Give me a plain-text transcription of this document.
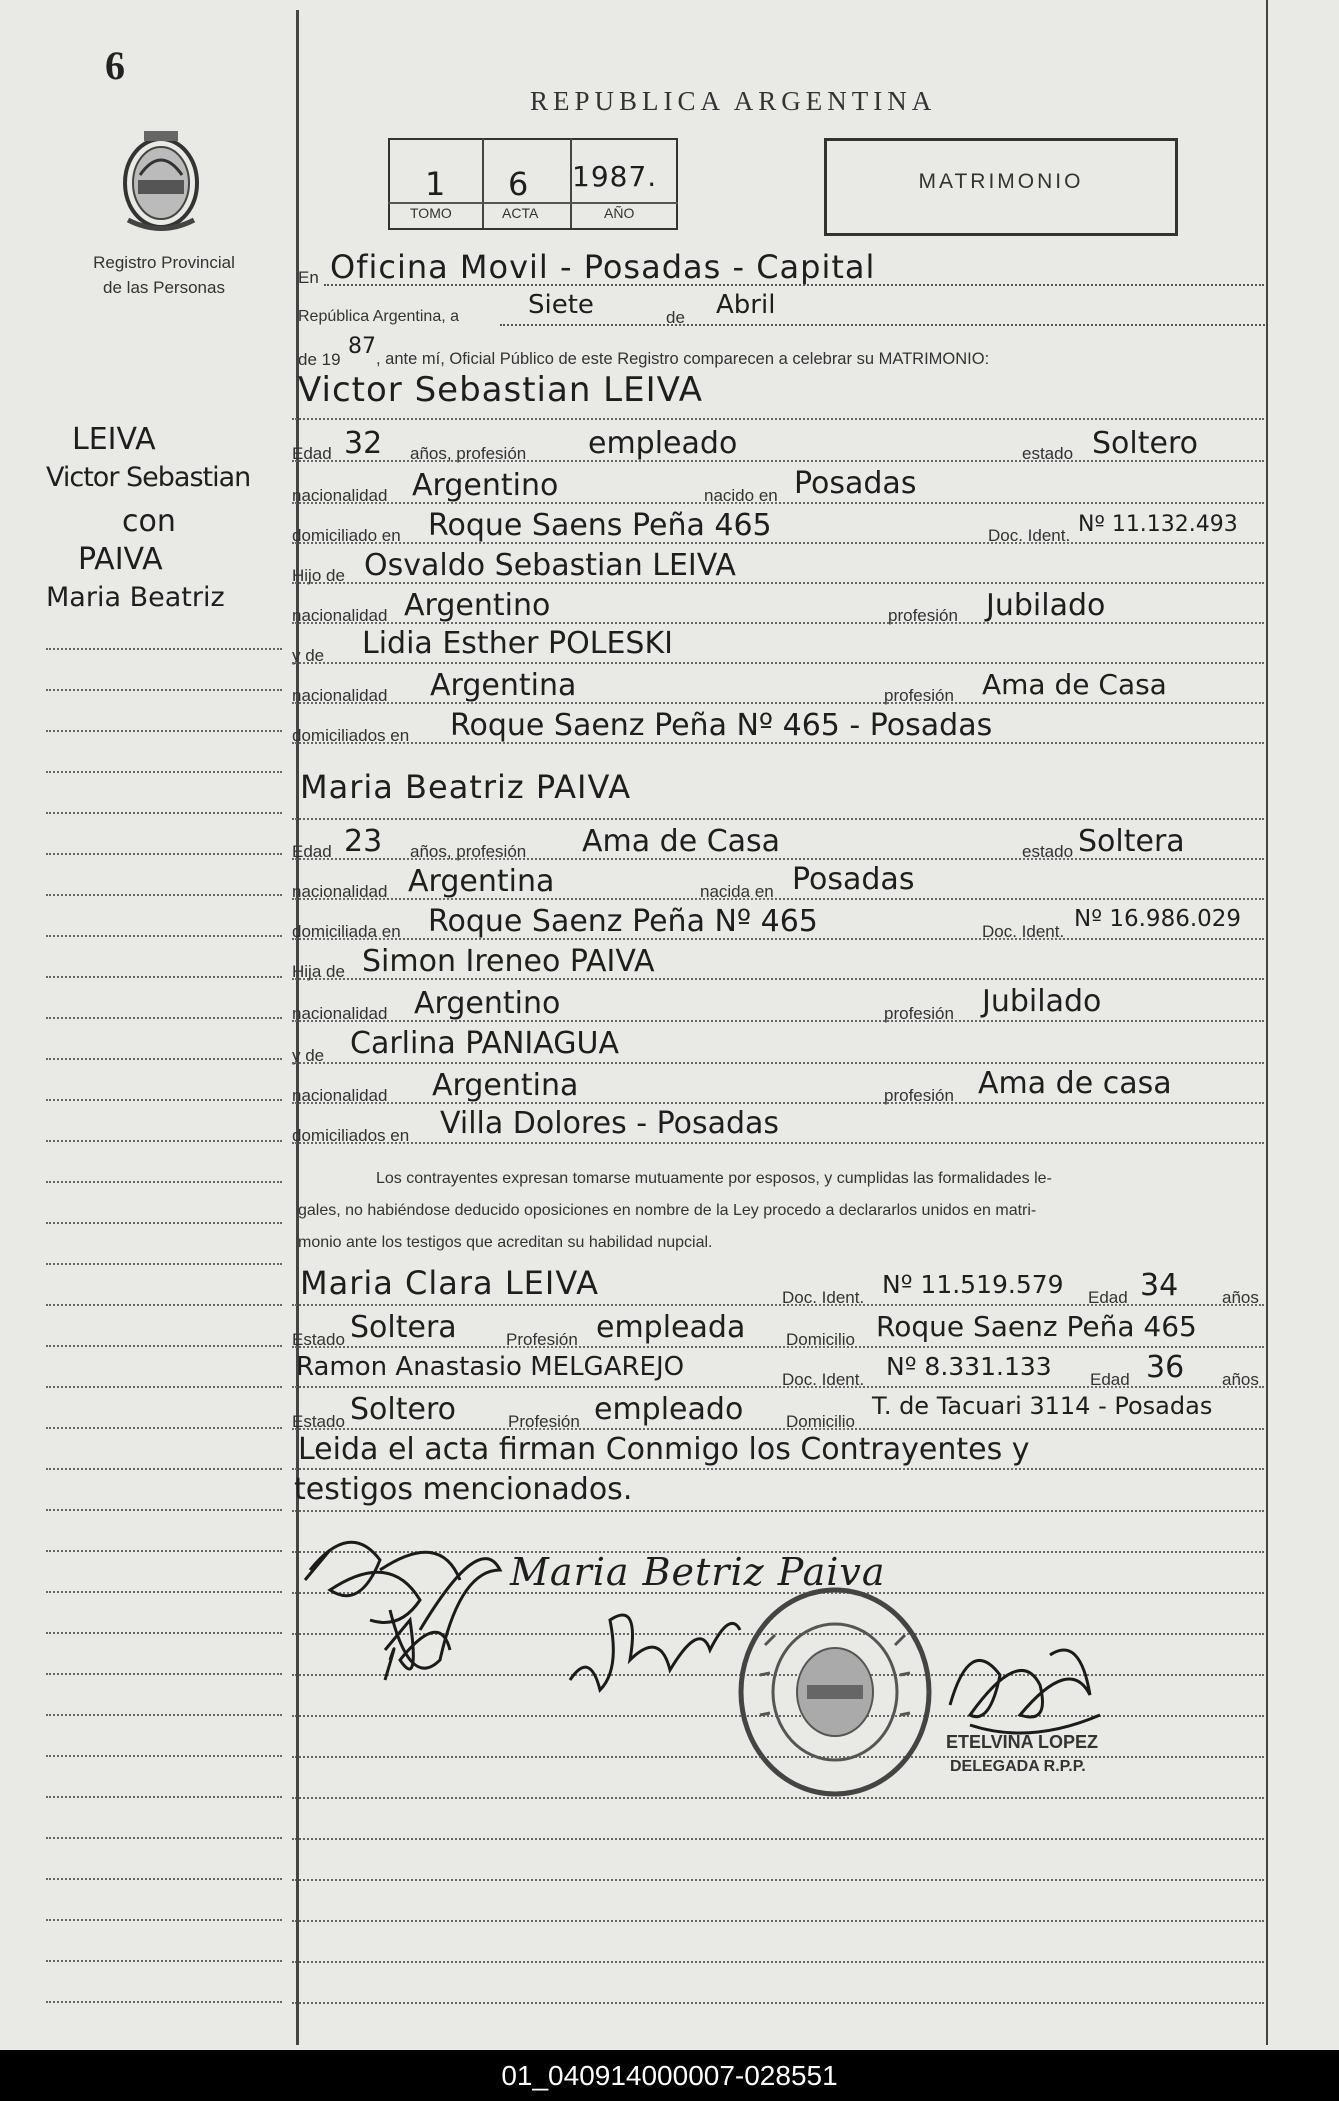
6
Registro Provincial
de las Personas
LEIVA
Victor Sebastian
con
PAIVA
Maria Beatriz
REPUBLICA ARGENTINA
1 6 1987.
TOMO	ACTA	AÑO
MATRIMONIO
En Oficina Movil - Posadas - Capital
República Argentina, a	Siete	de Abril
de 19
87 , ante mí, Oficial Público de este Registro comparecen a celebrar su MATRIMONIO:
Victor Sebastian LEIVA
Edad 32 años, profesión empleado	estado Soltero
nacionalidad Argentino	nacido en Posadas
domiciliado en Roque Saens Peña 465	Doc. Ident. Nº 11.132.493
Hijo de Osvaldo Sebastian LEIVA
nacionalidad Argentino	profesión Jubilado
y de Lidia Esther POLESKI
nacionalidad Argentina	profesión Ama de Casa
domiciliados en Roque Saenz Peña Nº 465 - Posadas
Maria Beatriz PAIVA
Edad 23 años, profesión Ama de Casa	estado Soltera
nacionalidad Argentina	nacida en Posadas
domiciliada en Roque Saenz Peña Nº 465	Doc. Ident. Nº 16.986.029
Hija de Simon Ireneo PAIVA
nacionalidad Argentino	profesión Jubilado
y de Carlina PANIAGUA
nacionalidad Argentina	profesión Ama de casa
domiciliados en Villa Dolores - Posadas
Los contrayentes expresan tomarse mutuamente por esposos, y cumplidas las formalidades le-
gales, no habiéndose deducido oposiciones en nombre de la Ley procedo a declararlos unidos en matri-
monio ante los testigos que acreditan su habilidad nupcial.
Maria Clara LEIVA	Doc. Ident. Nº 11.519.579 Edad 34	años
Estado Soltera	Profesión empleada Domicilio Roque Saenz Peña 465
Ramon Anastasio MELGAREJO	Doc. Ident. Nº 8.331.133 Edad 36 años
Estado Soltero	Profesión empleado	Domicilio
T. de Tacuari 3114 - Posadas
Leida el acta firman Conmigo los Contrayentes y
testigos mencionados.
Maria Betriz Paiva
ETELVINA LOPEZ
DELEGADA R.P.P.
01_040914000007-028551
